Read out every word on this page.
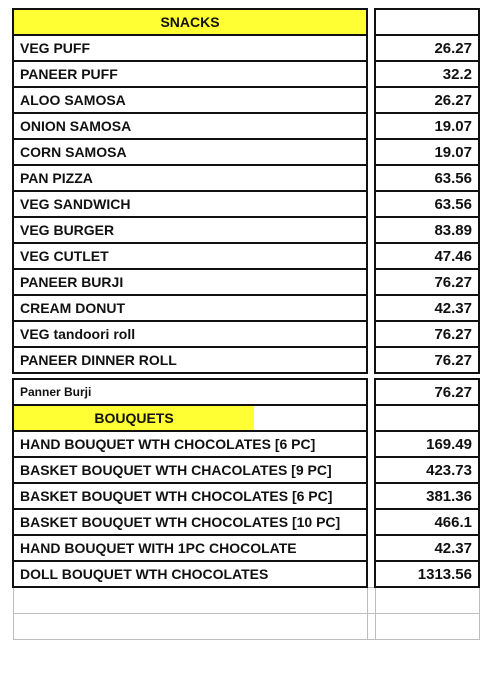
SNACKS		
VEG PUFF		26.27
PANEER PUFF		32.2
ALOO SAMOSA		26.27
ONION SAMOSA		19.07
CORN SAMOSA		19.07
PAN PIZZA		63.56
VEG SANDWICH		63.56
VEG BURGER		83.89
VEG CUTLET		47.46
PANEER BURJI		76.27
CREAM DONUT		42.37
VEG tandoori roll		76.27
PANEER DINNER ROLL		76.27

Panner Burji		76.27

BOUQUETS		

HAND BOUQUET WTH CHOCOLATES [6 PC]		169.49
BASKET BOUQUET WTH CHACOLATES [9 PC]		423.73
BASKET BOUQUET WTH CHOCOLATES [6 PC]		381.36
BASKET BOUQUET WTH CHOCOLATES [10 PC]		466.1
HAND BOUQUET WITH 1PC CHOCOLATE		42.37
DOLL BOUQUET WTH CHOCOLATES		1313.56
